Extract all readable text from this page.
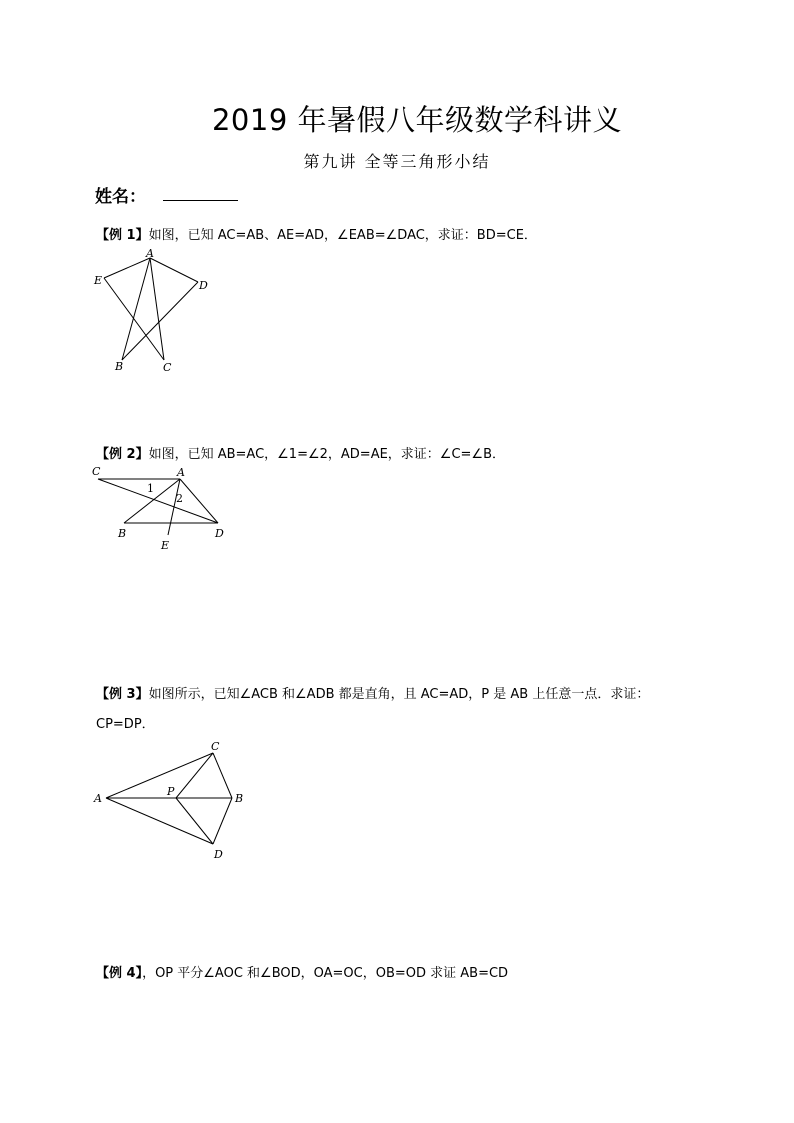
2019 年暑假八年级数学科讲义
第九讲 全等三角形小结
姓名：
【例 1】如图，已知 AC=AB、AE=AD，∠EAB=∠DAC，求证：BD=CE．
A
E	D
B	C
【例 2】如图，已知 AB=AC，∠1=∠2，AD=AE，求证：∠C=∠B．
C	A
B
E
D
1
2
【例 3】如图所示，已知∠ACB 和∠ADB 都是直角，且 AC=AD，P 是 AB 上任意一点．求证：
CP=DP．
A
C
P
B
D
【例 4】，OP 平分∠AOC 和∠BOD，OA=OC，OB=OD 求证 AB=CD
